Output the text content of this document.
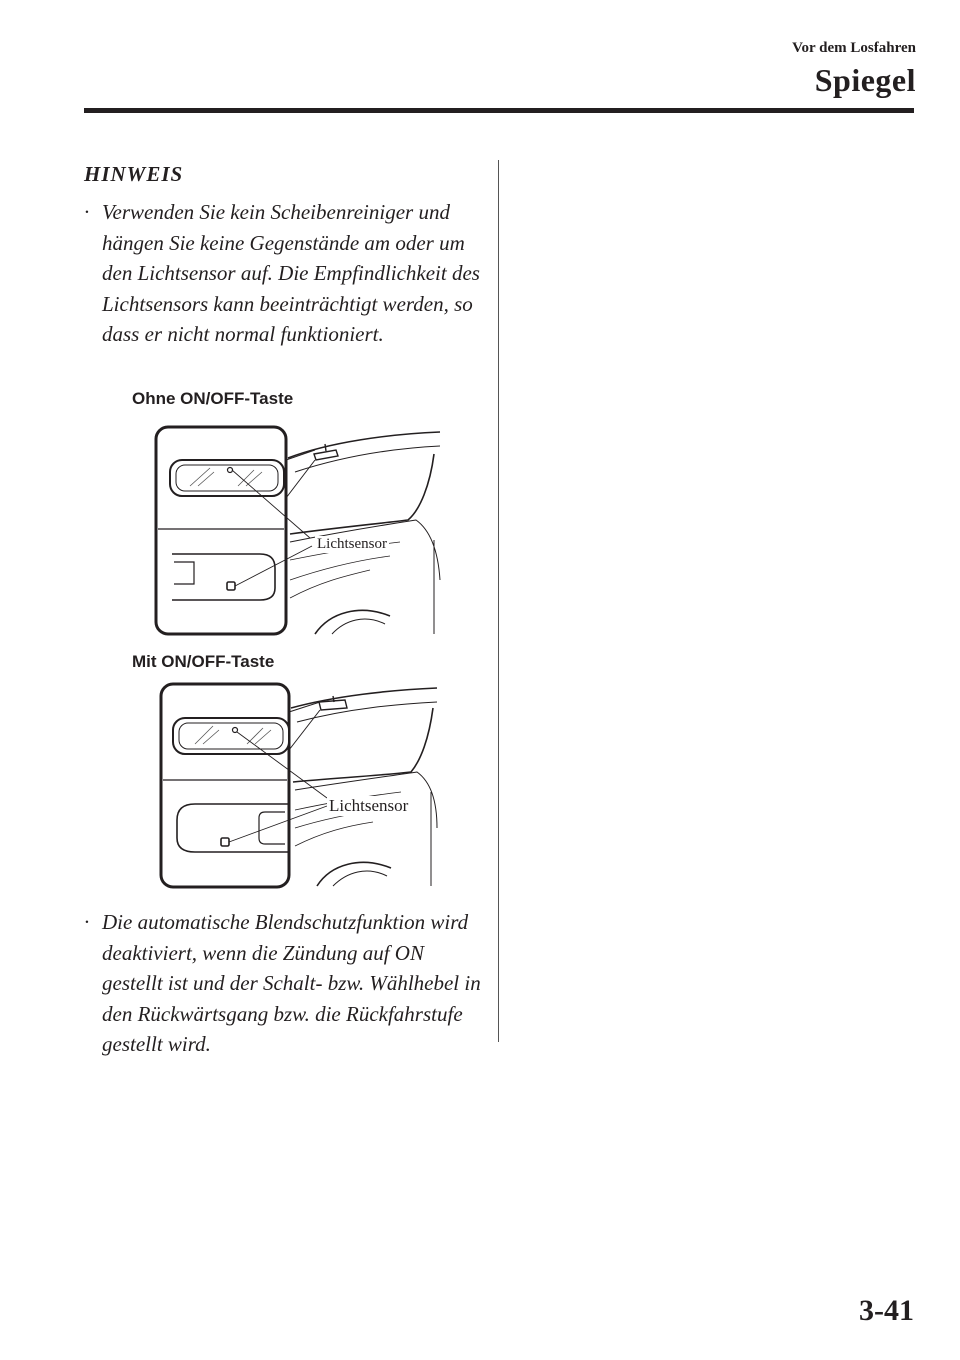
Vor dem Losfahren
Spiegel
HINWEIS
· Verwenden Sie kein Scheibenreiniger und hängen Sie keine Gegenstände am oder um den Lichtsensor auf. Die Empfindlichkeit des Lichtsensors kann beeinträchtigt werden, so dass er nicht normal funktioniert.
Ohne ON/OFF-Taste
Lichtsensor
Mit ON/OFF-Taste
Lichtsensor
· Die automatische Blendschutzfunktion wird deaktiviert, wenn die Zündung auf ON gestellt ist und der Schalt- bzw. Wählhebel in den Rückwärtsgang bzw. die Rückfahrstufe gestellt wird.
3-41
